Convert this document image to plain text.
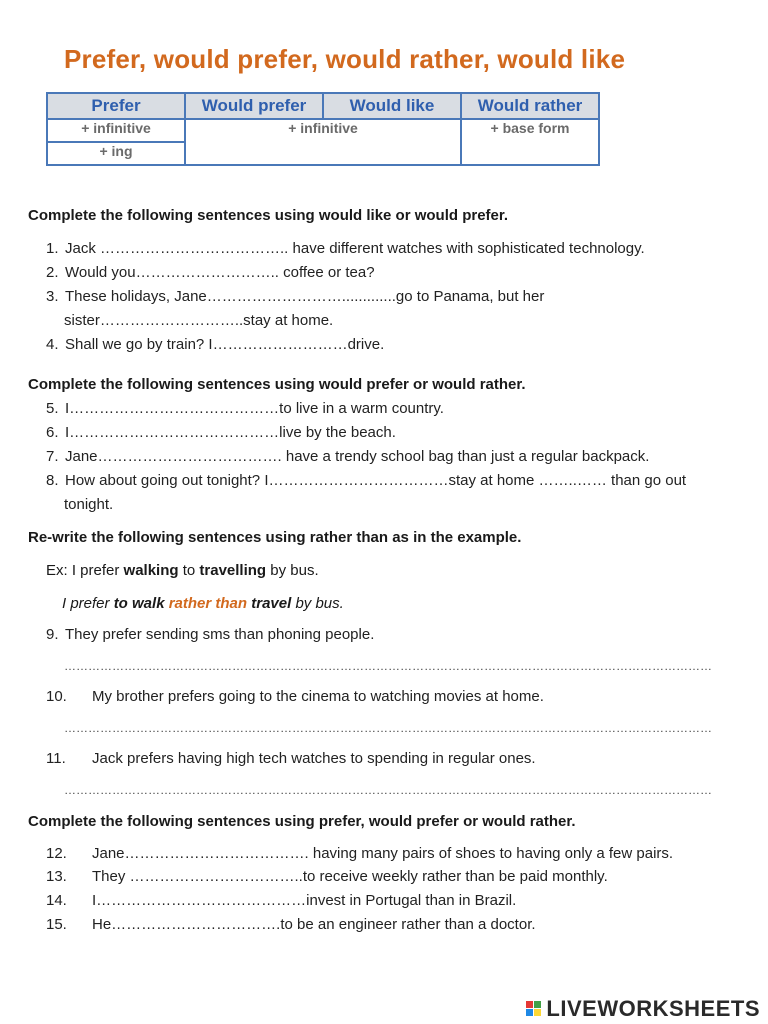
Prefer, would prefer, would rather, would like
Prefer	Would prefer	Would like	Would rather
+ infinitive	+ infinitive		+ base form
+ ing			
Complete the following sentences using would like or would prefer.
1. Jack ……………………………….. have different watches with sophisticated technology.
2. Would you……………………….. coffee or tea?
3. These holidays, Jane……………………….............go to Panama, but her
sister………………………..stay at home.
4. Shall we go by train? I………………………drive.
Complete the following sentences using would prefer or would rather.
5. I……………………………………to live in a warm country.
6. I……………………………………live by the beach.
7. Jane………………………………. have a trendy school bag than just a regular backpack.
8. How about going out tonight? I………………………………stay at home ……..…… than go out
tonight.
Re-write the following sentences using rather than as in the example.
Ex: I prefer walking to travelling by bus.
I prefer to walk rather than travel by bus.
9. They prefer sending sms than phoning people.
………………………………………………………………………………………………………………………………………………
10. My brother prefers going to the cinema to watching movies at home.
………………………………………………………………………………………………………………………………………………
11. Jack prefers having high tech watches to spending in regular ones.
………………………………………………………………………………………………………………………………………………
Complete the following sentences using prefer, would prefer or would rather.
12. Jane………………………………. having many pairs of shoes to having only a few pairs.
13. They ……………………………..to receive weekly rather than be paid monthly.
14. I……………………………………invest in Portugal than in Brazil.
15. He…………………………….to be an engineer rather than a doctor.
LIVEWORKSHEETS
